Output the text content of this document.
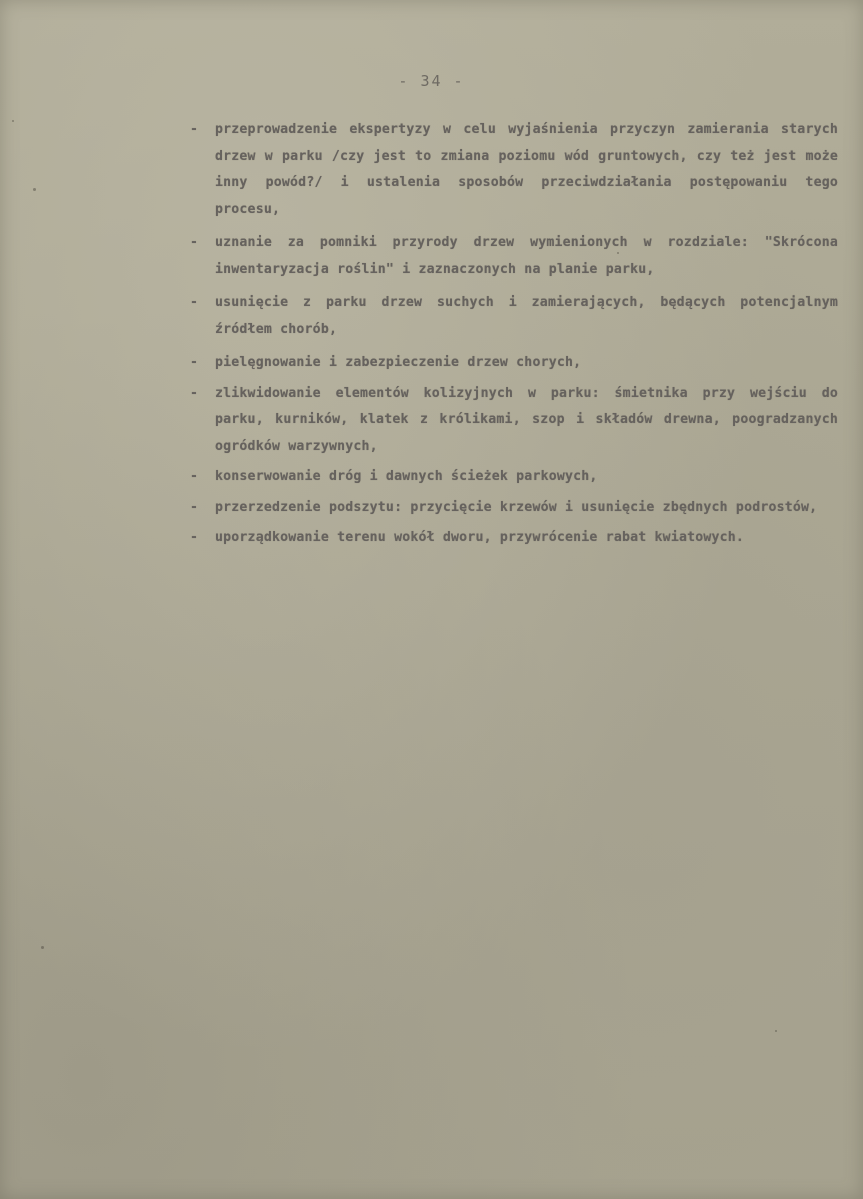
- 34 -
- przeprowadzenie ekspertyzy w celu wyjaśnienia przyczyn zamierania starych drzew w parku /czy jest to zmiana poziomu wód gruntowych, czy też jest może inny powód?/ i ustalenia sposobów przeciwdziałania postępowaniu tego procesu,
- uznanie za pomniki przyrody drzew wymienionych w rozdziale: "Skrócona inwentaryzacja roślin" i zaznaczonych na planie parku,
- usunięcie z parku drzew suchych i zamierających, będących potencjalnym źródłem chorób,
- pielęgnowanie i zabezpieczenie drzew chorych,
- zlikwidowanie elementów kolizyjnych w parku: śmietnika przy wejściu do parku, kurników, klatek z królikami, szop i składów drewna, poogradzanych ogródków warzywnych,
- konserwowanie dróg i dawnych ścieżek parkowych,
- przerzedzenie podszytu: przycięcie krzewów i usunięcie zbędnych podrostów,
- uporządkowanie terenu wokół dworu, przywrócenie rabat kwiatowych.
